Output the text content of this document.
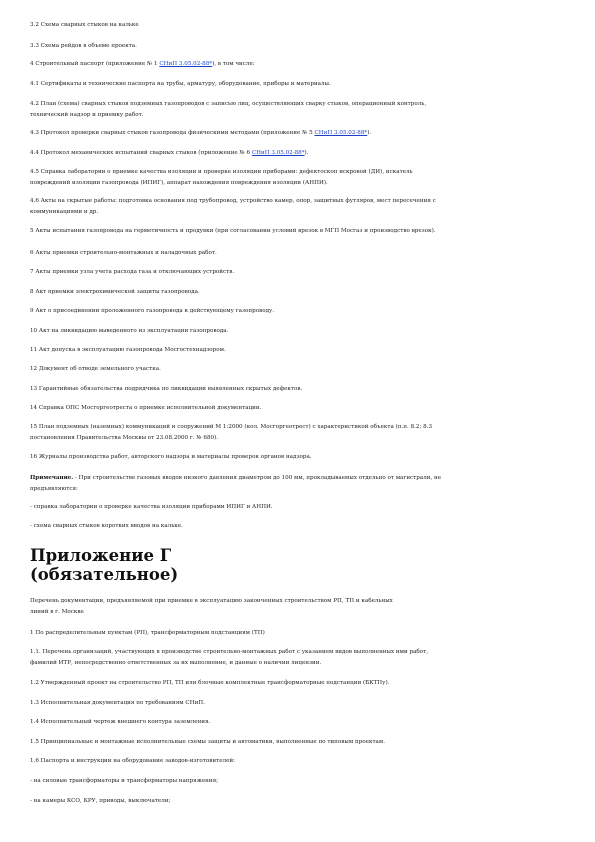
3.2 Схема сварных стыков на кальке
3.3 Схема рейдов в объеме проекта.
4 Строительный паспорт (приложение № 1 СНиП 3.05.02-88*), в том числе:
4.1 Сертификаты и технические паспорта на трубы, арматуру, оборудование, приборы и материалы.
4.2 План (схема) сварных стыков подземных газопроводов с записью лиц, осуществляющих сварку стыков, операционный контроль,
технический надзор и приемку работ.
4.3 Протокол проверки сварных стыков газопровода физическими методами (приложение № 5 СНиП 3.05.02-88*).
4.4 Протокол механических испытаний сварных стыков (приложение № 6 СНиП 3.05.02-88*).
4.5 Справка лаборатории о приемке качества изоляции и проверке изоляции приборами: дефектоскоп искровой (ДИ), искатель
повреждений изоляции газопровода (ИПИГ), аппарат нахождения повреждения изоляции (АНПИ).
4.6 Акты на скрытые работы: подготовка основания под трубопровод, устройство камер, опор, защитных футляров, мест пересечения с
коммуникациями и др.
5 Акты испытания газопровода на герметичность и продувки (при согласовании условий врезок в МГП Мосгаз и производство врезок).
6 Акты приемки строительно-монтажных и наладочных работ.
7 Акты приемки узла учета расхода газа и отключающих устройств.
8 Акт приемки электрохимической защиты газопровода.
9 Акт о присоединении проложенного газопровода к действующему газопроводу.
10 Акт на ликвидацию выведенного из эксплуатации газопровода.
11 Акт допуска в эксплуатацию газопровода Мосгостехнадзором.
12 Документ об отводе земельного участка.
13 Гарантийные обязательства подрядчика по ликвидации выявленных скрытых дефектов.
14 Справка ОПС Мосгоргеотреста о приемке исполнительной документации.
15 План подземных (наземных) коммуникаций и сооружений М 1:2000 (кол. Мосгоргеотрест) с характеристикой объекта (п.п. 8.2; 8.3
постановления Правительства Москвы от 23.08.2000 г. № 680).
16 Журналы производства работ, авторского надзора и материалы проверок органов надзора.
Примечание. - При строительстве газовых вводов низкого давления диаметром до 100 мм, прокладываемых отдельно от магистрали, не
предъявляются:
- справка лаборатории о проверке качества изоляции приборами ИПИГ и АНПИ.
- схема сварных стыков коротких вводов на кальке.
Приложение Г
(обязательное)
Перечень документации, предъявляемой при приемке в эксплуатацию законченных строительством РП, ТП и кабельных
линий в г. Москве
1 По распределительным пунктам (РП), трансформаторным подстанциям (ТП)
1.1. Перечень организаций, участвующих в производстве строительно-монтажных работ с указанием видов выполненных ими работ,
фамилий ИТР, непосредственно ответственных за их выполнение, и данные о наличии лицензии.
1.2 Утвержденный проект на строительство РП, ТП или блочные комплектные трансформаторные подстанции (БКТПу).
1.3 Исполнительная документация по требованиям СНиП.
1.4 Исполнительный чертеж внешнего контура заземления.
1.5 Принципиальные и монтажные исполнительные схемы защиты и автоматики, выполненные по типовым проектам.
1.6 Паспорта и инструкции на оборудование заводов-изготовителей:
- на силовые трансформаторы и трансформаторы напряжения;
- на камеры КСО, КРУ, приводы, выключатели;
